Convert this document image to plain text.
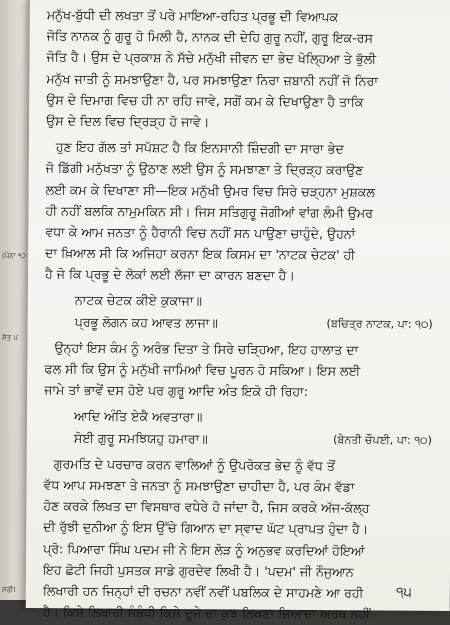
(ਪੰਨਾ ੧੨
ਸੋਤ ਪ
ਸਰੀ!
ਮਨੁੱਖ-ਬੁੱਧੀ ਦੀ ਲਖਤਾ ਤੋਂ ਪਰੇ ਮਾਇਆ-ਰਹਿਤ ਪ੍ਰਭੂ ਦੀ ਵਿਆਪਕ
ਜੋਤਿ ਨਾਨਕ ਨੂੰ ਗੁਰੂ ਹੋ ਮਿਲੀ ਹੈ, ਨਾਨਕ ਦੀ ਦੇਹਿ ਗੁਰੂ ਨਹੀਂ, ਗੁਰੂ ਇਕ-ਰਸ
ਜੋਤਿ ਹੈ। ਉਸ ਦੇ ਪ੍ਰਕਾਸ਼ ਨੇ ਸੱਚੇ ਮਨੁੱਖੀ ਜੀਵਨ ਦਾ ਭੇਦ ਖੋਲ੍ਹਿਆ ਤੇ ਭੁੱਲੀ
ਮਨੁੱਖ ਜਾਤੀ ਨੂੰ ਸਮਝਾਉਣਾ ਹੈ, ਪਰ ਸਮਝਾਉਣਾ ਨਿਰਾ ਜ਼ਬਾਨੀ ਨਹੀਂ ਜੋ ਨਿਰਾ
ਉਸ ਦੇ ਦਿਮਾਗ ਵਿਚ ਹੀ ਨਾ ਰਹਿ ਜਾਵੇ, ਸਗੋਂ ਕਮ ਕੇ ਦਿਖਾਉਣਾ ਹੈ ਤਾਕਿ
ਉਸ ਦੇ ਦਿਲ ਵਿਚ ਦ੍ਰਿੜ੍ਹ ਹੋ ਜਾਵੇ।
ਹੁਣ ਇਹ ਗੱਲ ਤਾਂ ਸਪੱਸ਼ਟ ਹੈ ਕਿ ਇਨਸਾਨੀ ਜ਼ਿੰਦਗੀ ਦਾ ਸਾਰਾ ਭੇਦ
ਜੋ ਡਿੱਗੀ ਮਨੁੱਖਤਾ ਨੂੰ ਉਠਾਣ ਲਈ ਉਸ ਨੂੰ ਸਮਝਾਣਾ ਤੇ ਦ੍ਰਿੜ੍ਹ ਕਰਾਉਣ
ਲਈ ਕਮ ਕੇ ਦਿਖਾਣਾ ਸੀ—ਇਕ ਮਨੁੱਖੀ ਉਮਰ ਵਿਚ ਸਿਰੇ ਚੜ੍ਹਨਾ ਮੁਸ਼ਕਲ
ਹੀ ਨਹੀਂ ਬਲਕਿ ਨਾਮੁਮਕਿਨ ਸੀ। ਜਿਸ ਸਤਿਗੁਰੂ ਜੋਗੀਆਂ ਵਾਂਗ ਲੰਮੀ ਉਮਰ
ਵਧਾ ਕੇ ਆਮ ਜਨਤਾ ਨੂੰ ਹੈਰਾਨੀ ਵਿਚ ਨਹੀਂ ਸਨ ਪਾਉਣਾ ਚਾਹੁੰਦੇ, ਉਹਨਾਂ
ਦਾ ਖ਼ਿਆਲ ਸੀ ਕਿ ਅਜਿਹਾ ਕਰਨਾ ਇਕ ਕਿਸਮ ਦਾ 'ਨਾਟਕ ਚੇਟਕ' ਹੀ
ਹੈ ਜੋ ਕਿ ਪ੍ਰਭੂ ਦੇ ਲੋਕਾਂ ਲਈ ਲੱਜਾ ਦਾ ਕਾਰਨ ਬਣਦਾ ਹੈ।
ਨਾਟਕ ਚੇਟਕ ਕੀਏ ਕੁਕਾਜਾ॥
ਪ੍ਰਭੂ ਲੋਗਨ ਕਹ ਆਵਤ ਲਾਜਾ॥	(ਬਚਿਤ੍ਰ ਨਾਟਕ, ਪਾ: ੧੦)
ਉਨ੍ਹਾਂ ਇਸ ਕੰਮ ਨੂੰ ਅਰੰਭ ਦਿਤਾ ਤੇ ਸਿਰੇ ਚੜ੍ਹਿਆ, ਇਹ ਹਾਲਾਤ ਦਾ
ਫਲ ਸੀ ਕਿ ਉਸ ਨੂੰ ਮਨੁੱਖੀ ਜਾਮਿਆਂ ਵਿਚ ਪੂਰਨ ਹੋ ਸਕਿਆ। ਇਸ ਲਈ
ਜਾਮੇ ਤਾਂ ਭਾਵੇਂ ਦਸ ਹੋਏ ਪਰ ਗੁਰੂ ਆਦਿ ਅੰਤ ਇਕੋ ਹੀ ਰਿਹਾ:
ਆਦਿ ਅੰਤਿ ਏਕੈ ਅਵਤਾਰਾ॥
ਸੋਈ ਗੁਰੂ ਸਮਝਿਯਹੁ ਹਮਾਰਾ॥	(ਬੇਨਤੀ ਚੌਪਈ, ਪਾ: ੧੦)
ਗੁਰਮਤਿ ਦੇ ਪਰਚਾਰ ਕਰਨ ਵਾਲਿਆਂ ਨੂੰ ਉਪਰੋਕਤ ਭੇਦ ਨੂੰ ਵੱਧ ਤੋਂ
ਵੱਧ ਆਪ ਸਮਝਣਾ ਤੇ ਜਨਤਾ ਨੂੰ ਸਮਝਾਉਣਾ ਚਾਹੀਦਾ ਹੈ, ਪਰ ਕੰਮ ਵੱਡਾ
ਹੋਣ ਕਰਕੇ ਲਿਖਤ ਦਾ ਵਿਸਥਾਰ ਵਧੇਰੇ ਹੋ ਜਾਂਦਾ ਹੈ, ਜਿਸ ਕਰਕੇ ਅੱਜ-ਕੱਲ੍ਹ
ਦੀ ਰੁੱਝੀ ਦੁਨੀਆ ਨੂੰ ਇਸ ਉੱਚੇ ਗਿਆਨ ਦਾ ਸ੍ਵਾਦ ਘੱਟ ਪ੍ਰਾਪਤ ਹੁੰਦਾ ਹੈ।
ਪ੍ਰੋ: ਪਿਆਰਾ ਸਿੰਘ ਪਦਮ ਜੀ ਨੇ ਇਸ ਲੋੜ ਨੂੰ ਅਨੁਭਵ ਕਰਦਿਆਂ ਹੋਇਆਂ
ਇਹ ਛੋਟੀ ਜਿਹੀ ਪੁਸਤਕ ਸਾਡੇ ਗੁਰਦੇਵ ਲਿਖੀ ਹੈ। 'ਪਦਮ' ਜੀ ਨੌਜੁਆਨ
ਲਿਖਾਰੀ ਹਨ ਜਿਨ੍ਹਾਂ ਦੀ ਰਚਨਾ ਨਵੀਂ ਨਵੀਂ ਪਬਲਿਕ ਦੇ ਸਾਹਮਣੇ ਆ ਰਹੀ
ਹੈ। ਕਿਸੇ ਲਿਖਾਰੀ ਸੰਬੰਧੀ ਕਿਸੇ ਦੂਜੇ ਦਾ ਕੁਝ ਲਿਖਣਾ ਜ਼ਿਆਦਾ ਅਰਥ ਨਹੀਂ
੧੫
